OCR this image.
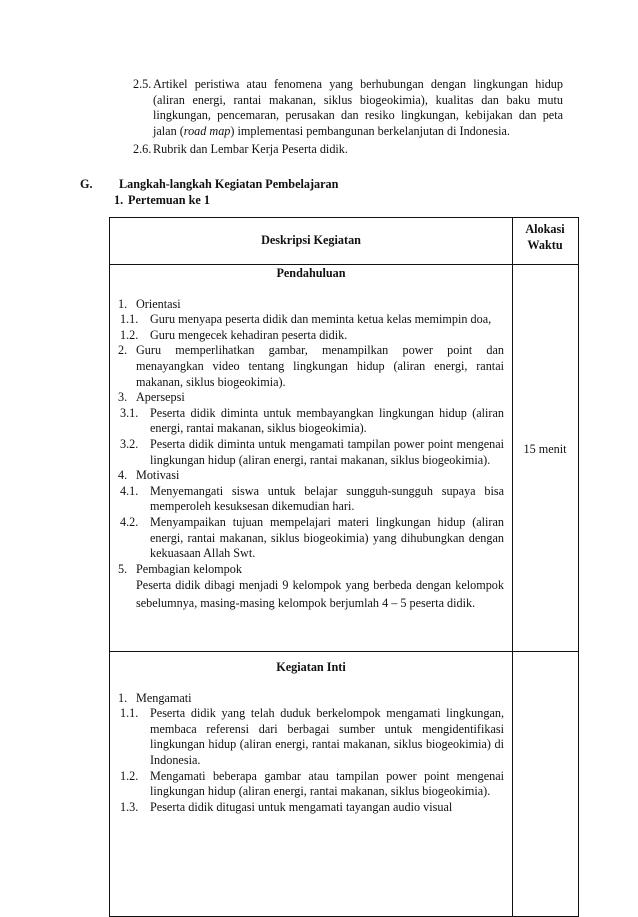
2.5. Artikel peristiwa atau fenomena yang berhubungan dengan lingkungan hidup (aliran energi, rantai makanan, siklus biogeokimia), kualitas dan baku mutu lingkungan, pencemaran, perusakan dan resiko lingkungan, kebijakan dan peta jalan (road map) implementasi pembangunan berkelanjutan di Indonesia.
2.6. Rubrik dan Lembar Kerja Peserta didik.
G. Langkah-langkah Kegiatan Pembelajaran
1. Pertemuan ke 1
Deskripsi Kegiatan
Alokasi
Waktu
Pendahuluan
1. Orientasi
1.1. Guru menyapa peserta didik dan meminta ketua kelas memimpin doa,
1.2. Guru mengecek kehadiran peserta didik.
2. Guru memperlihatkan gambar, menampilkan power point dan menayangkan video tentang lingkungan hidup (aliran energi, rantai makanan, siklus biogeokimia).
3. Apersepsi
3.1. Peserta didik diminta untuk membayangkan lingkungan hidup (aliran energi, rantai makanan, siklus biogeokimia).
3.2. Peserta didik diminta untuk mengamati tampilan power point mengenai lingkungan hidup (aliran energi, rantai makanan, siklus biogeokimia).
4. Motivasi
4.1. Menyemangati siswa untuk belajar sungguh-sungguh supaya bisa memperoleh kesuksesan dikemudian hari.
4.2. Menyampaikan tujuan mempelajari materi lingkungan hidup (aliran energi, rantai makanan, siklus biogeokimia) yang dihubungkan dengan kekuasaan Allah Swt.
5. Pembagian kelompok
Peserta didik dibagi menjadi 9 kelompok yang berbeda dengan kelompok sebelumnya, masing-masing kelompok berjumlah 4 – 5 peserta didik.
15 menit
Kegiatan Inti
1. Mengamati
1.1. Peserta didik yang telah duduk berkelompok mengamati lingkungan, membaca referensi dari berbagai sumber untuk mengidentifikasi lingkungan hidup (aliran energi, rantai makanan, siklus biogeokimia) di Indonesia.
1.2. Mengamati beberapa gambar atau tampilan power point mengenai lingkungan hidup (aliran energi, rantai makanan, siklus biogeokimia).
1.3. Peserta didik ditugasi untuk mengamati tayangan audio visual
